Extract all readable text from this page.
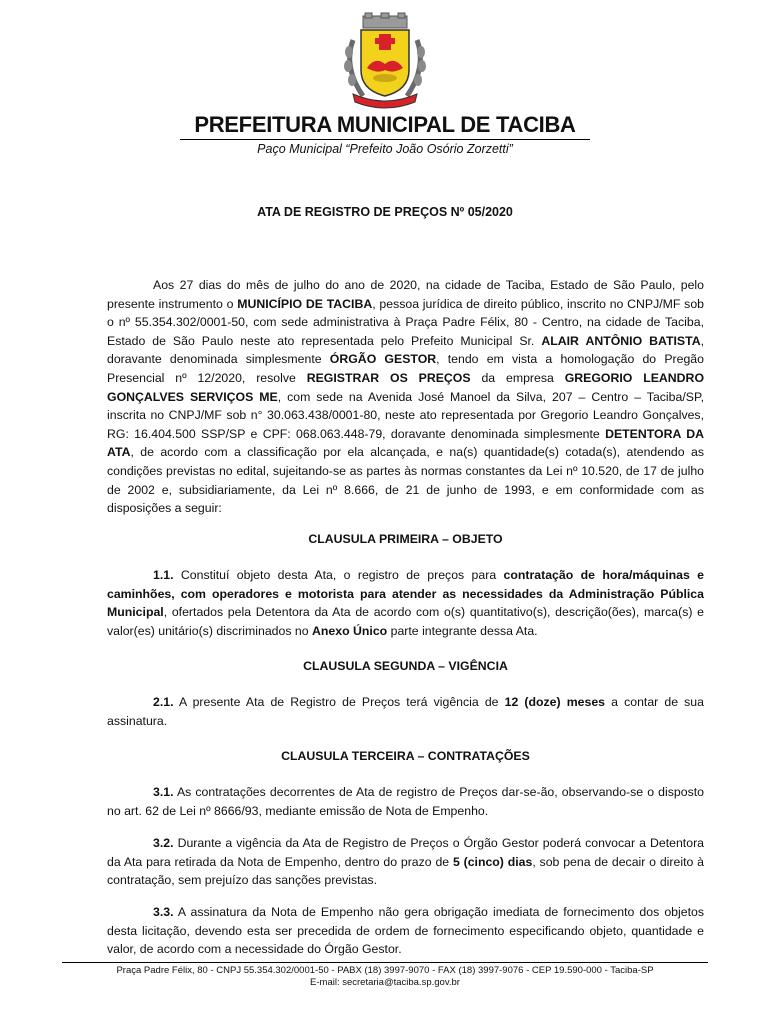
PREFEITURA MUNICIPAL DE TACIBA
Paço Municipal “Prefeito João Osório Zorzetti”
ATA DE REGISTRO DE PREÇOS Nº 05/2020

Aos 27 dias do mês de julho do ano de 2020, na cidade de Taciba, Estado de São Paulo, pelo presente instrumento o MUNICÍPIO DE TACIBA, pessoa jurídica de direito público, inscrito no CNPJ/MF sob o nº 55.354.302/0001-50, com sede administrativa à Praça Padre Félix, 80 - Centro, na cidade de Taciba, Estado de São Paulo neste ato representada pelo Prefeito Municipal Sr. ALAIR ANTÔNIO BATISTA, doravante denominada simplesmente ÓRGÃO GESTOR, tendo em vista a homologação do Pregão Presencial nº 12/2020, resolve REGISTRAR OS PREÇOS da empresa GREGORIO LEANDRO GONÇALVES SERVIÇOS ME, com sede na Avenida José Manoel da Silva, 207 – Centro – Taciba/SP, inscrita no CNPJ/MF sob n° 30.063.438/0001-80, neste ato representada por Gregorio Leandro Gonçalves, RG: 16.404.500 SSP/SP e CPF: 068.063.448-79, doravante denominada simplesmente DETENTORA DA ATA, de acordo com a classificação por ela alcançada, e na(s) quantidade(s) cotada(s), atendendo as condições previstas no edital, sujeitando-se as partes às normas constantes da Lei nº 10.520, de 17 de julho de 2002 e, subsidiariamente, da Lei nº 8.666, de 21 de junho de 1993, e em conformidade com as disposições a seguir:

CLAUSULA PRIMEIRA – OBJETO

1.1. Constituí objeto desta Ata, o registro de preços para contratação de hora/máquinas e caminhões, com operadores e motorista para atender as necessidades da Administração Pública Municipal, ofertados pela Detentora da Ata de acordo com o(s) quantitativo(s), descrição(ões), marca(s) e valor(es) unitário(s) discriminados no Anexo Único parte integrante dessa Ata.

CLAUSULA SEGUNDA – VIGÊNCIA

2.1. A presente Ata de Registro de Preços terá vigência de 12 (doze) meses a contar de sua assinatura.

CLAUSULA TERCEIRA – CONTRATAÇÕES

3.1. As contratações decorrentes de Ata de registro de Preços dar-se-ão, observando-se o disposto no art. 62 de Lei nº 8666/93, mediante emissão de Nota de Empenho.

3.2. Durante a vigência da Ata de Registro de Preços o Órgão Gestor poderá convocar a Detentora da Ata para retirada da Nota de Empenho, dentro do prazo de 5 (cinco) dias, sob pena de decair o direito à contratação, sem prejuízo das sanções previstas.

3.3. A assinatura da Nota de Empenho não gera obrigação imediata de fornecimento dos objetos desta licitação, devendo esta ser precedida de ordem de fornecimento especificando objeto, quantidade e valor, de acordo com a necessidade do Órgão Gestor.

Praça Padre Félix, 80 - CNPJ 55.354.302/0001-50 - PABX (18) 3997-9070 - FAX (18) 3997-9076 - CEP 19.590-000 - Taciba-SP
E-mail: secretaria@taciba.sp.gov.br
